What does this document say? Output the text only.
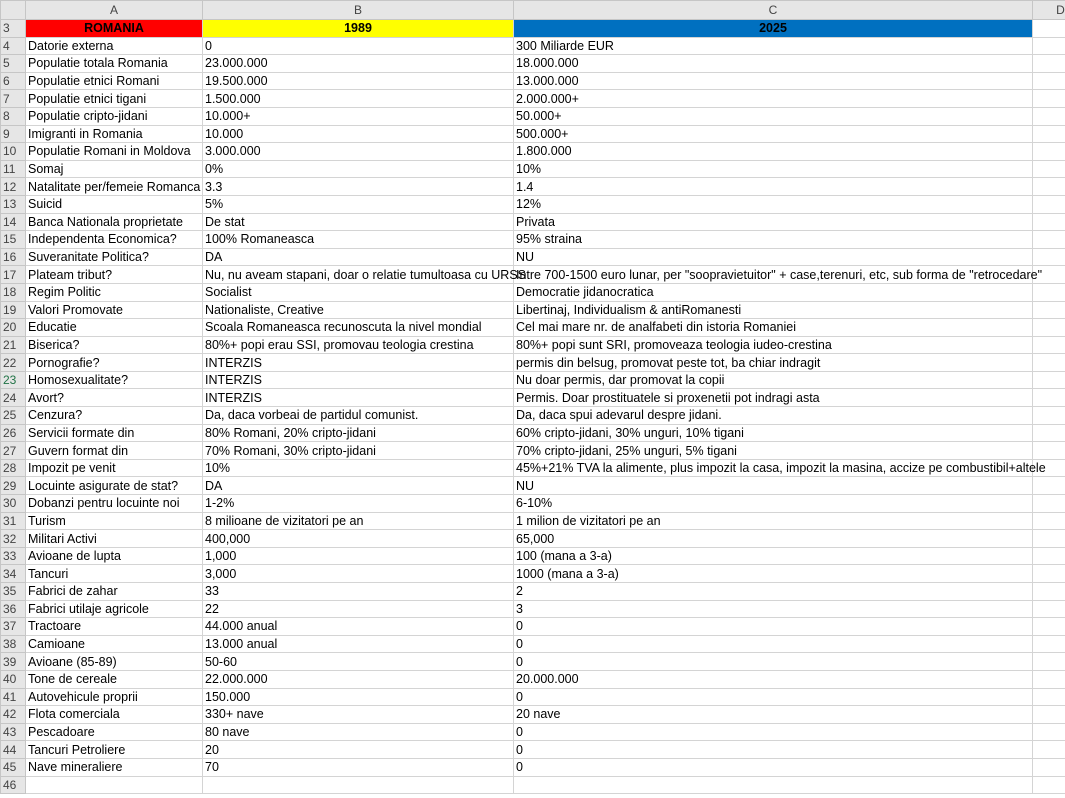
	A	B	C	D
3	ROMANIA	1989	2025	
4	Datorie externa	0	300 Miliarde EUR	
5	Populatie totala Romania	23.000.000	18.000.000	
6	Populatie etnici Romani	19.500.000	13.000.000	
7	Populatie etnici tigani	1.500.000	2.000.000+	
8	Populatie cripto-jidani	10.000+	50.000+	
9	Imigranti in Romania	10.000	500.000+	
10	Populatie Romani in Moldova	3.000.000	1.800.000	
11	Somaj	0%	10%	
12	Natalitate per/femeie Romanca	3.3	1.4	
13	Suicid	5%	12%	
14	Banca Nationala proprietate	De stat	Privata	
15	Independenta Economica?	100% Romaneasca	95% straina	
16	Suveranitate Politica?	DA	NU	
17	Plateam tribut?	Nu, nu aveam stapani, doar o relatie tumultoasa cu URSS	Intre 700-1500 euro lunar, per "soopravietuitor" + case,terenuri, etc, sub forma de "retrocedare"	
18	Regim Politic	Socialist	Democratie jidanocratica	
19	Valori Promovate	Nationaliste, Creative	Libertinaj, Individualism & antiRomanesti	
20	Educatie	Scoala Romaneasca recunoscuta la nivel mondial	Cel mai mare nr. de analfabeti din istoria Romaniei	
21	Biserica?	80%+ popi erau SSI, promovau teologia crestina	80%+ popi sunt SRI, promoveaza teologia iudeo-crestina	
22	Pornografie?	INTERZIS	permis din belsug, promovat peste tot, ba chiar indragit	
23	Homosexualitate?	INTERZIS	Nu doar permis, dar promovat la copii	
24	Avort?	INTERZIS	Permis. Doar prostituatele si proxenetii pot indragi asta	
25	Cenzura?	Da, daca vorbeai de partidul comunist.	Da, daca spui adevarul despre jidani.	
26	Servicii formate din	80% Romani, 20% cripto-jidani	60% cripto-jidani, 30% unguri, 10% tigani	
27	Guvern format din	70% Romani, 30% cripto-jidani	70% cripto-jidani, 25% unguri, 5% tigani	
28	Impozit pe venit	10%	45%+21% TVA la alimente, plus impozit la casa, impozit la masina, accize pe combustibil+altele	
29	Locuinte asigurate de stat?	DA	NU	
30	Dobanzi pentru locuinte noi	1-2%	6-10%	
31	Turism	8 milioane de vizitatori pe an	1 milion de vizitatori pe an	
32	Militari Activi	400,000	65,000	
33	Avioane de lupta	1,000	100 (mana a 3-a)	
34	Tancuri	3,000	1000 (mana a 3-a)	
35	Fabrici de zahar	33	2	
36	Fabrici utilaje agricole	22	3	
37	Tractoare	44.000 anual	0	
38	Camioane	13.000 anual	0	
39	Avioane (85-89)	50-60	0	
40	Tone de cereale	22.000.000	20.000.000	
41	Autovehicule proprii	150.000	0	
42	Flota comerciala	330+ nave	20 nave	
43	Pescadoare	80 nave	0	
44	Tancuri Petroliere	20	0	
45	Nave mineraliere	70	0	
46				
